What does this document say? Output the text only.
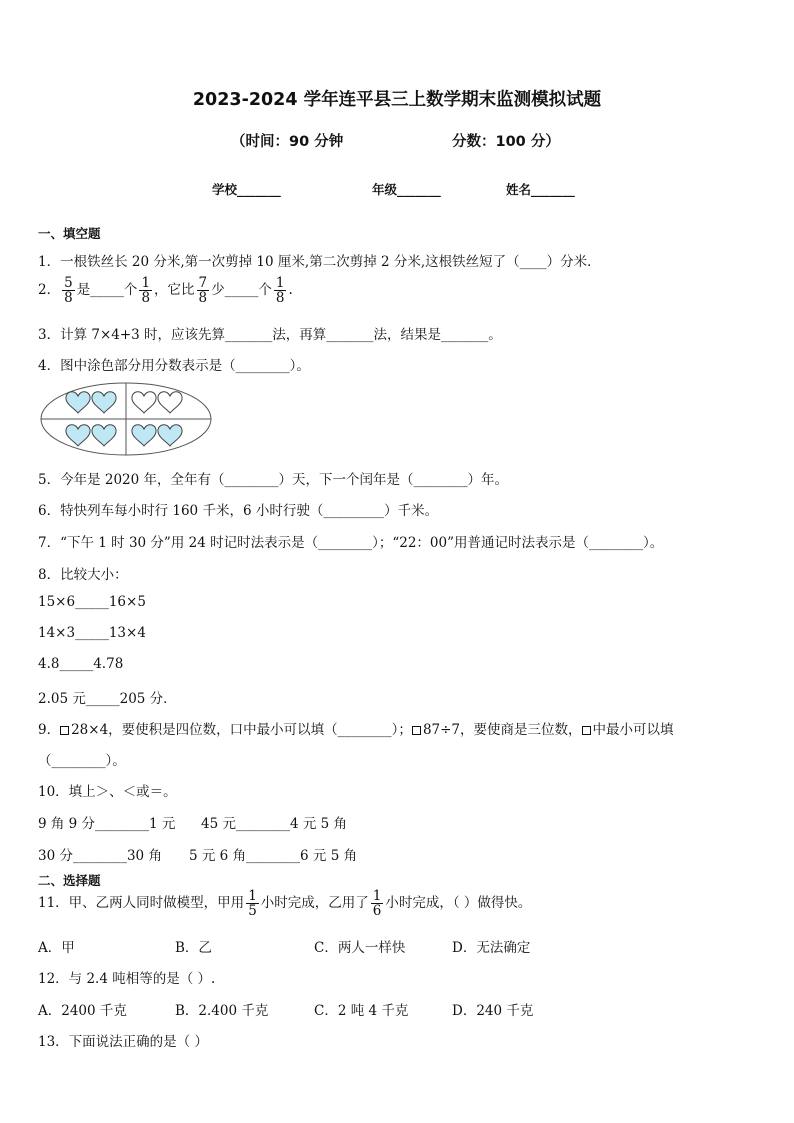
2023-2024 学年连平县三上数学期末监测模拟试题
（时间：90 分钟	分数：100 分）
学校_______	年级_______	姓名_______
一、填空题
1．一根铁丝长 20 分米,第一次剪掉 10 厘米,第二次剪掉 2 分米,这根铁丝短了（____）分米．
2． $\frac{5}{8}$ 是_____个 $\frac{1}{8}$ ，它比 $\frac{7}{8}$ 少_____个 $\frac{1}{8}$ .
3．计算 7×4+3 时，应该先算_______法，再算_______法，结果是_______。
4．图中涂色部分用分数表示是（________）。
5．今年是 2020 年，全年有（________）天，下一个闰年是（________）年。
6．特快列车每小时行 160 千米，6 小时行驶（_________）千米。
7．“下午 1 时 30 分”用 24 时记时法表示是（________）；“22：00”用普通记时法表示是（________）。
8．比较大小：
15×6_____16×5
14×3_____13×4
4.8_____4.78
2.05 元_____205 分．
9． 28×4，要使积是四位数，口中最小可以填（________）； 87÷7，要使商是三位数， 中最小可以填
（________）。
10．填上＞、＜或＝。
9 角 9 分________1 元 45 元________4 元 5 角
30 分________30 角 5 元 6 角________6 元 5 角
二、选择题
11．甲、乙两人同时做模型，甲用 $\frac{1}{5}$ 小时完成，乙用了 $\frac{1}{6}$ 小时完成，（ ）做得快。
A．甲	B．乙	C．两人一样快	D．无法确定
12．与 2.4 吨相等的是（ ）.
A．2400 千克	B．2.400 千克	C．2 吨 4 千克	D．240 千克
13．下面说法正确的是（ ）
